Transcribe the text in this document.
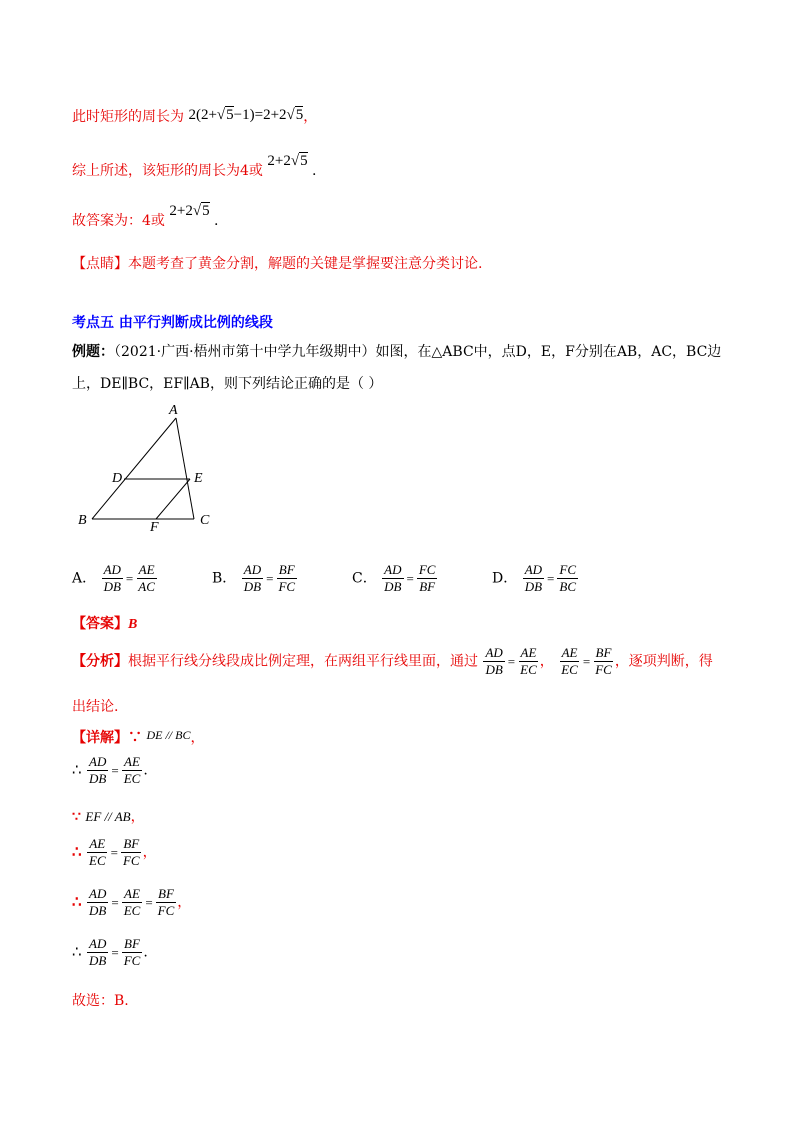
此时矩形的周长为 2(2+√5−1)=2+2√5，
综上所述，该矩形的周长为4或 2+2√5 .
故答案为：4或 2+2√5 .
【点睛】本题考查了黄金分割，解题的关键是掌握要注意分类讨论.
考点五 由平行判断成比例的线段
例题：（2021·广西·梧州市第十中学九年级期中）如图，在△ABC中，点D，E，F分别在AB，AC，BC边
上，DE∥BC，EF∥AB，则下列结论正确的是（ ）
A
D	E
B	C
F
A． $\frac{AD}{DB} = \frac{AE}{AC}$	B． $\frac{AD}{DB} = \frac{BF}{FC}$	C． $\frac{AD}{DB} = \frac{FC}{BF}$	D． $\frac{AD}{DB} = \frac{FC}{BC}$
【答案】B
【分析】根据平行线分线段成比例定理，在两组平行线里面，通过 $\frac{AD}{DB} = \frac{AE}{EC}$ ， $\frac{AE}{EC} = \frac{BF}{FC}$ ，逐项判断，得
出结论.
【详解】∵ DE // BC，
∴ $\frac{AD}{DB} = \frac{AE}{EC}$ .
∵ EF // AB，
∴ $\frac{AE}{EC} = \frac{BF}{FC}$ ，
∴ $\frac{AD}{DB} = \frac{AE}{EC} = \frac{BF}{FC}$ ，
∴ $\frac{AD}{DB} = \frac{BF}{FC}$ .
故选：B.
